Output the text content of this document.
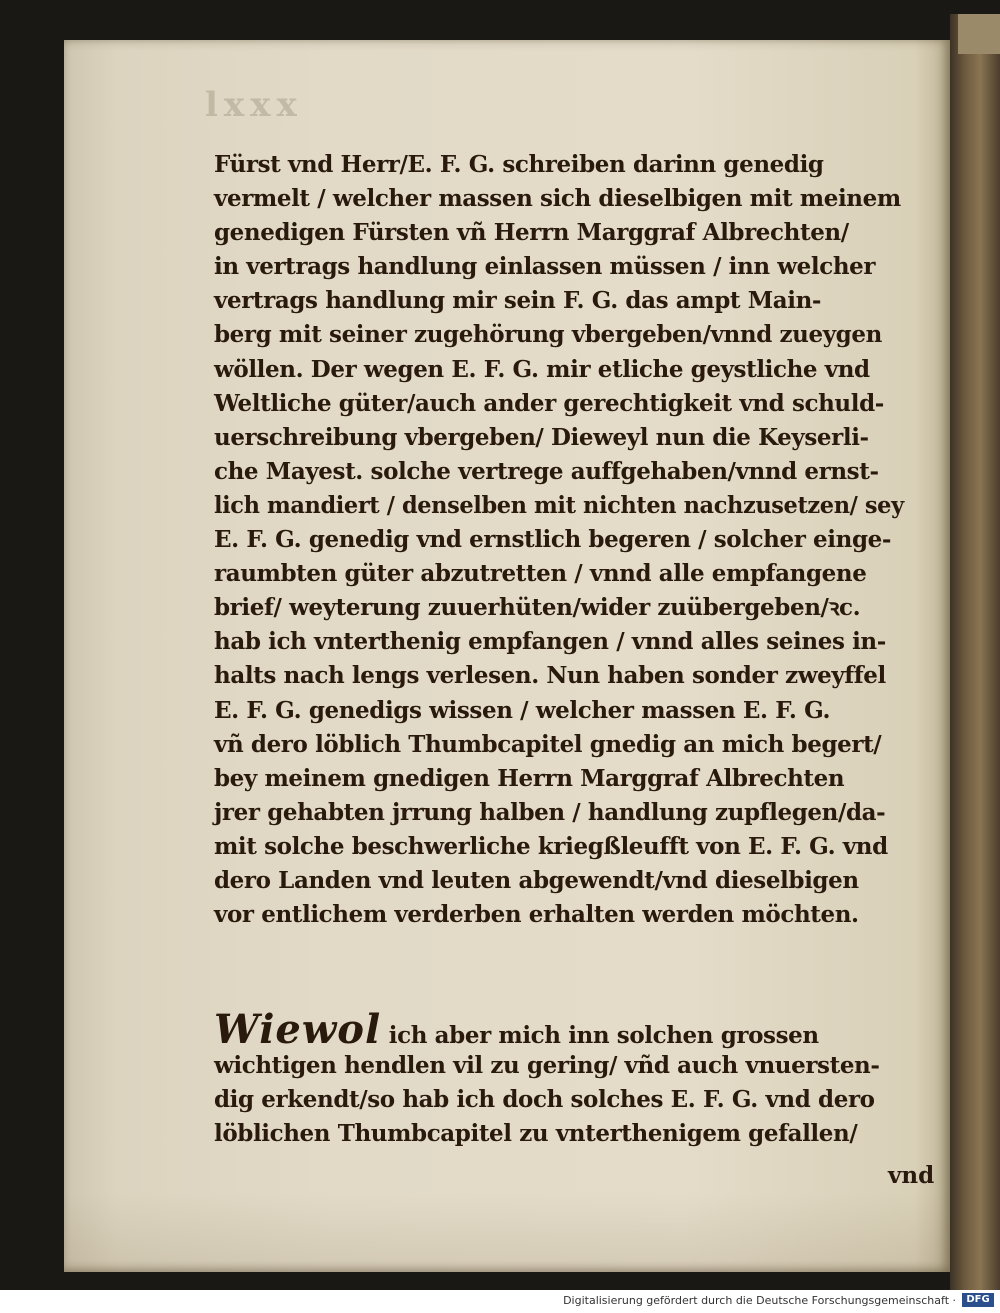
lxxx
Fürst vnd Herr/E. F. G. schreiben darinn genedig
vermelt / welcher massen sich dieselbigen mit meinem
genedigen Fürsten vñ Herrn Marggraf Albrechten/
in vertrags handlung einlassen müssen / inn welcher
vertrags handlung mir sein F. G. das ampt Main-
berg mit seiner zugehörung vbergeben/vnnd zueygen
wöllen. Der wegen E. F. G. mir etliche geystliche vnd
Weltliche güter/auch ander gerechtigkeit vnd schuld-
uerschreibung vbergeben/ Dieweyl nun die Keyserli-
che Mayest. solche vertrege auffgehaben/vnnd ernst-
lich mandiert / denselben mit nichten nachzusetzen/ sey
E. F. G. genedig vnd ernstlich begeren / solcher einge-
raumbten güter abzutretten / vnnd alle empfangene
brief/ weyterung zuuerhüten/wider zuübergeben/ꝛc.
hab ich vnterthenig empfangen / vnnd alles seines in-
halts nach lengs verlesen. Nun haben sonder zweyffel
E. F. G. genedigs wissen / welcher massen E. F. G.
vñ dero löblich Thumbcapitel gnedig an mich begert/
bey meinem gnedigen Herrn Marggraf Albrechten
jrer gehabten jrrung halben / handlung zupflegen/da-
mit solche beschwerliche kriegßleufft von E. F. G. vnd
dero Landen vnd leuten abgewendt/vnd dieselbigen
vor entlichem verderben erhalten werden möchten.
Wiewol ich aber mich inn solchen grossen
wichtigen hendlen vil zu gering/ vñd auch vnuersten-
dig erkendt/so hab ich doch solches E. F. G. vnd dero
löblichen Thumbcapitel zu vnterthenigem gefallen/
vnd
Digitalisierung gefördert durch die Deutsche Forschungsgemeinschaft ·	DFG
